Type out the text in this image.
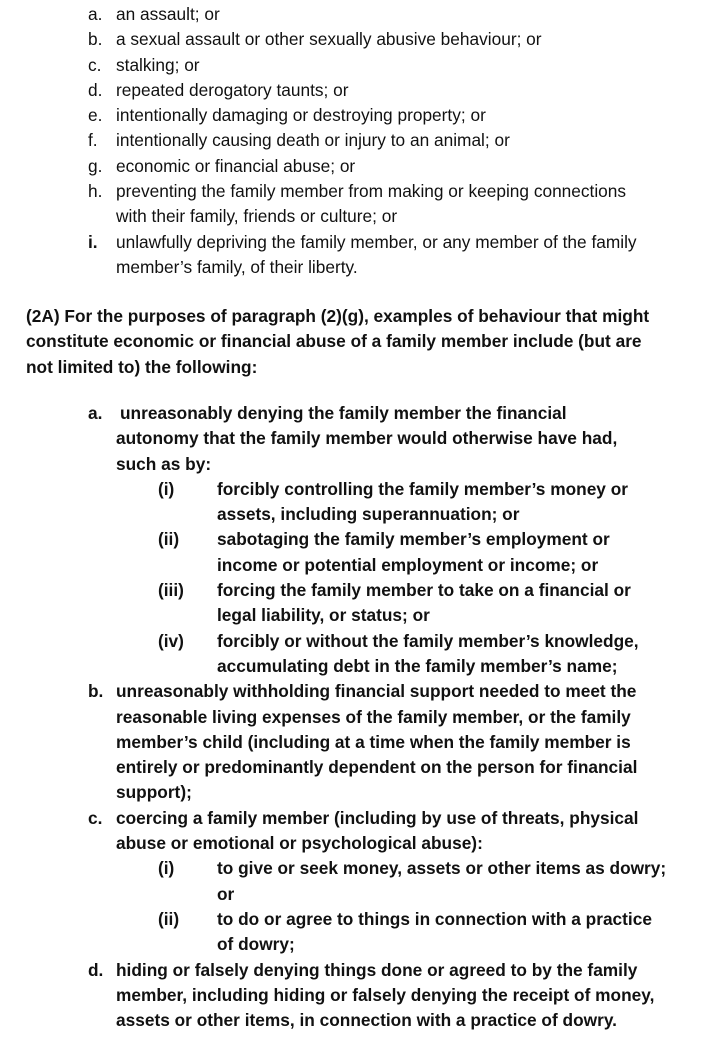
a. an assault; or
b. a sexual assault or other sexually abusive behaviour; or
c. stalking; or
d. repeated derogatory taunts; or
e. intentionally damaging or destroying property; or
f. intentionally causing death or injury to an animal; or
g. economic or financial abuse; or
h. preventing the family member from making or keeping connections
with their family, friends or culture; or
i. unlawfully depriving the family member, or any member of the family
member’s family, of their liberty.
(2A) For the purposes of paragraph (2)(g), examples of behaviour that might
constitute economic or financial abuse of a family member include (but are
not limited to) the following:
a. unreasonably denying the family member the financial
autonomy that the family member would otherwise have had,
such as by:
(i) forcibly controlling the family member’s money or
assets, including superannuation; or
(ii) sabotaging the family member’s employment or
income or potential employment or income; or
(iii) forcing the family member to take on a financial or
legal liability, or status; or
(iv) forcibly or without the family member’s knowledge,
accumulating debt in the family member’s name;
b. unreasonably withholding financial support needed to meet the
reasonable living expenses of the family member, or the family
member’s child (including at a time when the family member is
entirely or predominantly dependent on the person for financial
support);
c. coercing a family member (including by use of threats, physical
abuse or emotional or psychological abuse):
(i) to give or seek money, assets or other items as dowry;
or
(ii) to do or agree to things in connection with a practice
of dowry;
d. hiding or falsely denying things done or agreed to by the family
member, including hiding or falsely denying the receipt of money,
assets or other items, in connection with a practice of dowry.
